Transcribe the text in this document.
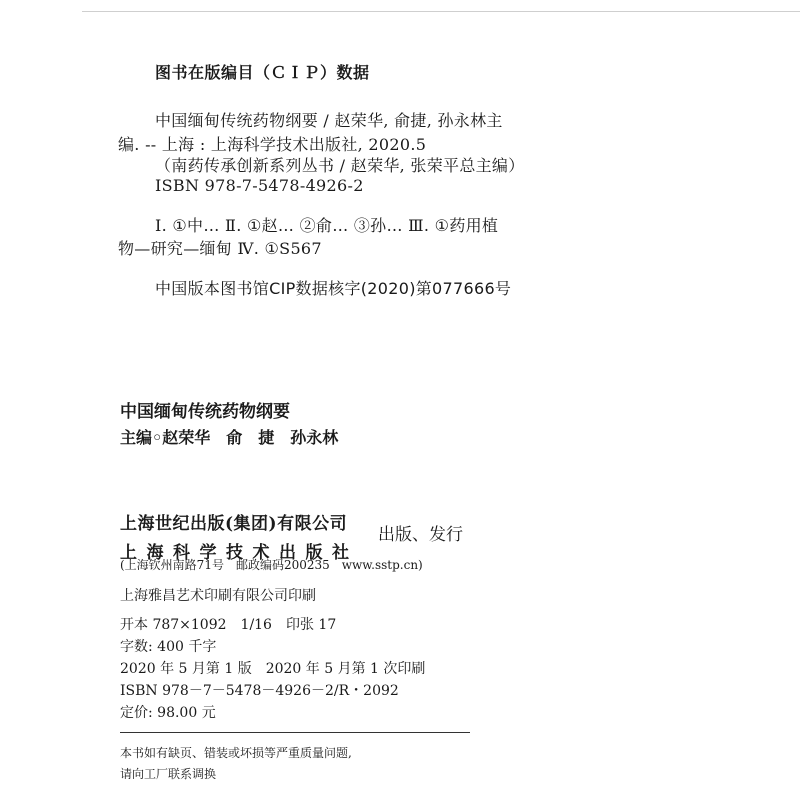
图书在版编目（ＣＩＰ）数据
中国缅甸传统药物纲要 / 赵荣华, 俞捷, 孙永林主
编. -- 上海 : 上海科学技术出版社, 2020.5
（南药传承创新系列丛书 / 赵荣华, 张荣平总主编）
ISBN 978-7-5478-4926-2
Ⅰ. ①中… Ⅱ. ①赵… ②俞… ③孙… Ⅲ. ①药用植
物—研究—缅甸 Ⅳ. ①S567
中国版本图书馆CIP数据核字(2020)第077666号
中国缅甸传统药物纲要
主编◦赵荣华　俞　捷　孙永林
上海世纪出版(集团)有限公司
上海科学技术出版社
出版、发行
(上海钦州南路71号　邮政编码200235　www.sstp.cn)
上海雅昌艺术印刷有限公司印刷
开本 787×1092　1/16　印张 17
字数: 400 千字
2020 年 5 月第 1 版　2020 年 5 月第 1 次印刷
ISBN 978－7－5478－4926－2/R・2092
定价: 98.00 元
本书如有缺页、错装或坏损等严重质量问题,
请向工厂联系调换
